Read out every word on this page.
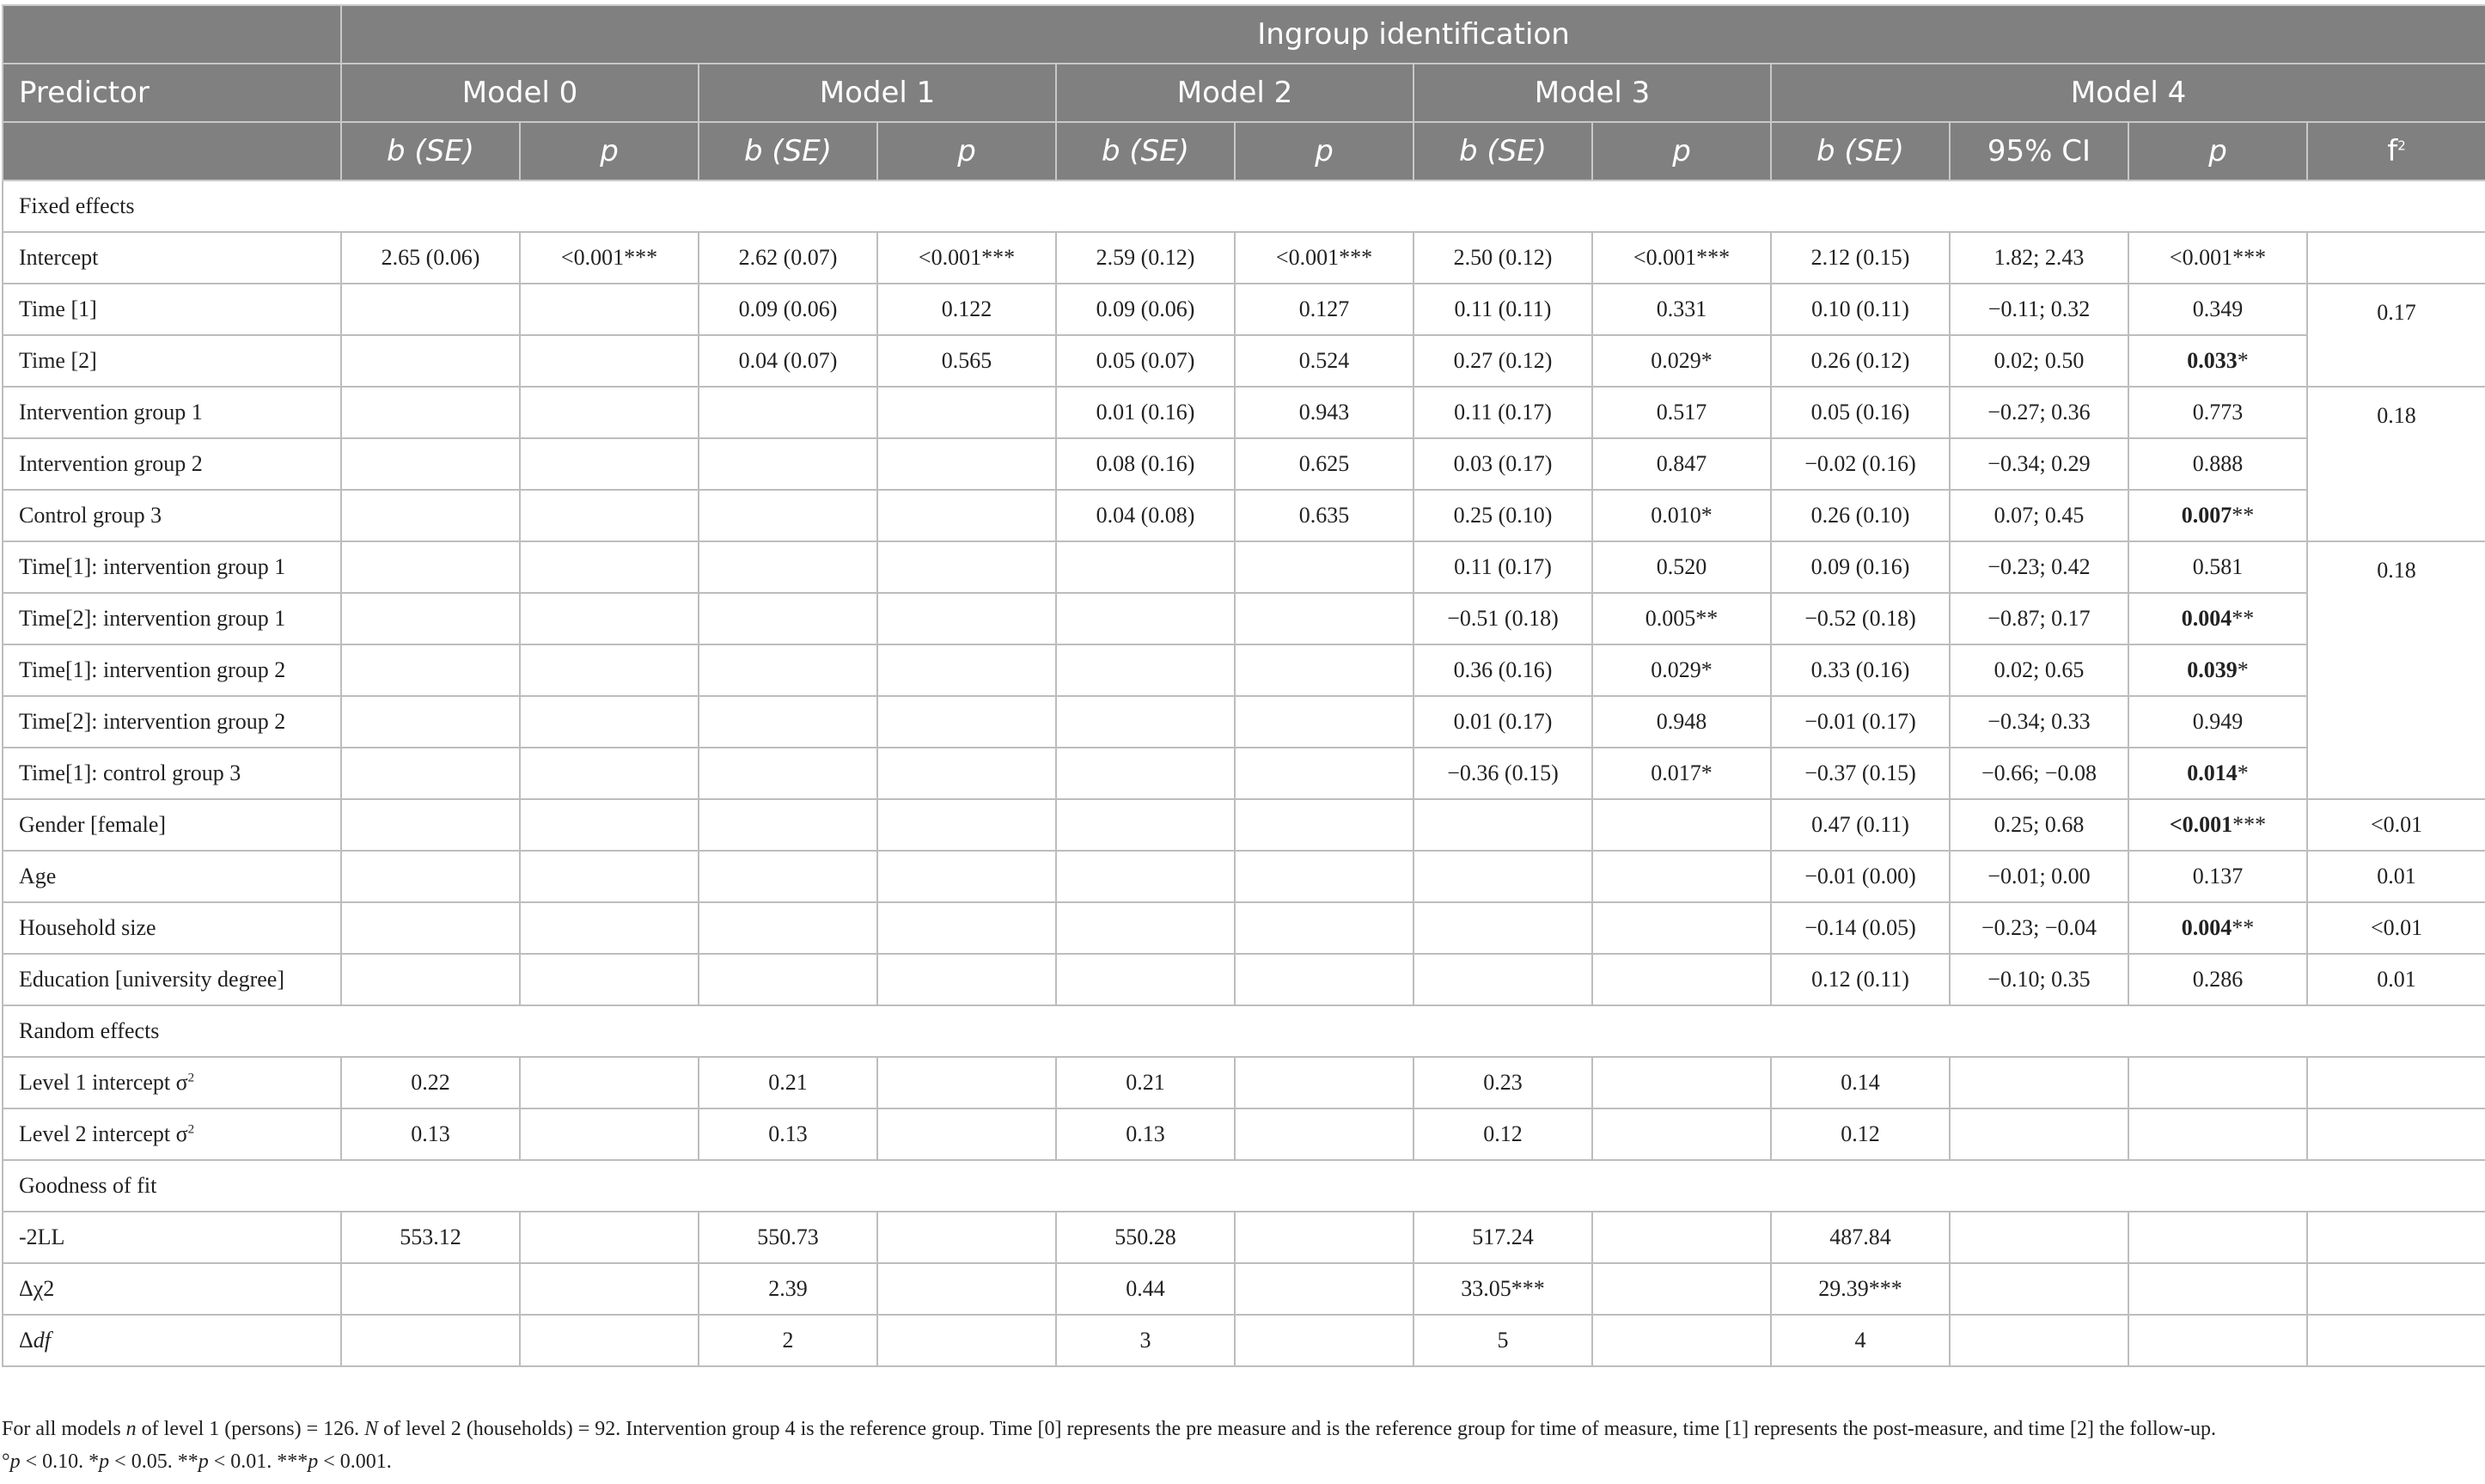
	Ingroup identification											
Predictor	Model 0		Model 1		Model 2		Model 3		Model 4			
	b (SE)	p	b (SE)	p	b (SE)	p	b (SE)	p	b (SE)	95% CI	p	$f^2$
Fixed effects												
Intercept	2.65 (0.06)	<0.001***	2.62 (0.07)	<0.001***	2.59 (0.12)	<0.001***	2.50 (0.12)	<0.001***	2.12 (0.15)	1.82; 2.43	<0.001***	
Time [1]			0.09 (0.06)	0.122	0.09 (0.06)	0.127	0.11 (0.11)	0.331	0.10 (0.11)	−0.11; 0.32	0.349	0.17
Time [2]			0.04 (0.07)	0.565	0.05 (0.07)	0.524	0.27 (0.12)	0.029*	0.26 (0.12)	0.02; 0.50	0.033*	
Intervention group 1					0.01 (0.16)	0.943	0.11 (0.17)	0.517	0.05 (0.16)	−0.27; 0.36	0.773	0.18
Intervention group 2					0.08 (0.16)	0.625	0.03 (0.17)	0.847	−0.02 (0.16)	−0.34; 0.29	0.888	
Control group 3					0.04 (0.08)	0.635	0.25 (0.10)	0.010*	0.26 (0.10)	0.07; 0.45	0.007**	
Time[1]: intervention group 1							0.11 (0.17)	0.520	0.09 (0.16)	−0.23; 0.42	0.581	0.18
Time[2]: intervention group 1							−0.51 (0.18)	0.005**	−0.52 (0.18)	−0.87; 0.17	0.004**	
Time[1]: intervention group 2							0.36 (0.16)	0.029*	0.33 (0.16)	0.02; 0.65	0.039*	
Time[2]: intervention group 2							0.01 (0.17)	0.948	−0.01 (0.17)	−0.34; 0.33	0.949	
Time[1]: control group 3							−0.36 (0.15)	0.017*	−0.37 (0.15)	−0.66; −0.08	0.014*	
Gender [female]									0.47 (0.11)	0.25; 0.68	<0.001***	<0.01
Age									−0.01 (0.00)	−0.01; 0.00	0.137	0.01
Household size									−0.14 (0.05)	−0.23; −0.04	0.004**	<0.01
Education [university degree]									0.12 (0.11)	−0.10; 0.35	0.286	0.01
Random effects												
Level 1 intercept $\sigma^2$	0.22		0.21		0.21		0.23		0.14			
Level 2 intercept $\sigma^2$	0.13		0.13		0.13		0.12		0.12			
Goodness of fit												
-2LL	553.12		550.73		550.28		517.24		487.84			
Δχ2			2.39		0.44		33.05***		29.39***			
Δdf			2		3		5		4			
For all models n of level 1 (persons) = 126. N of level 2 (households) = 92. Intervention group 4 is the reference group. Time [0] represents the pre measure and is the reference group for time of measure, time [1] represents the post-measure, and time [2] the follow-up.
°p < 0.10. *p < 0.05. **p < 0.01. ***p < 0.001.
